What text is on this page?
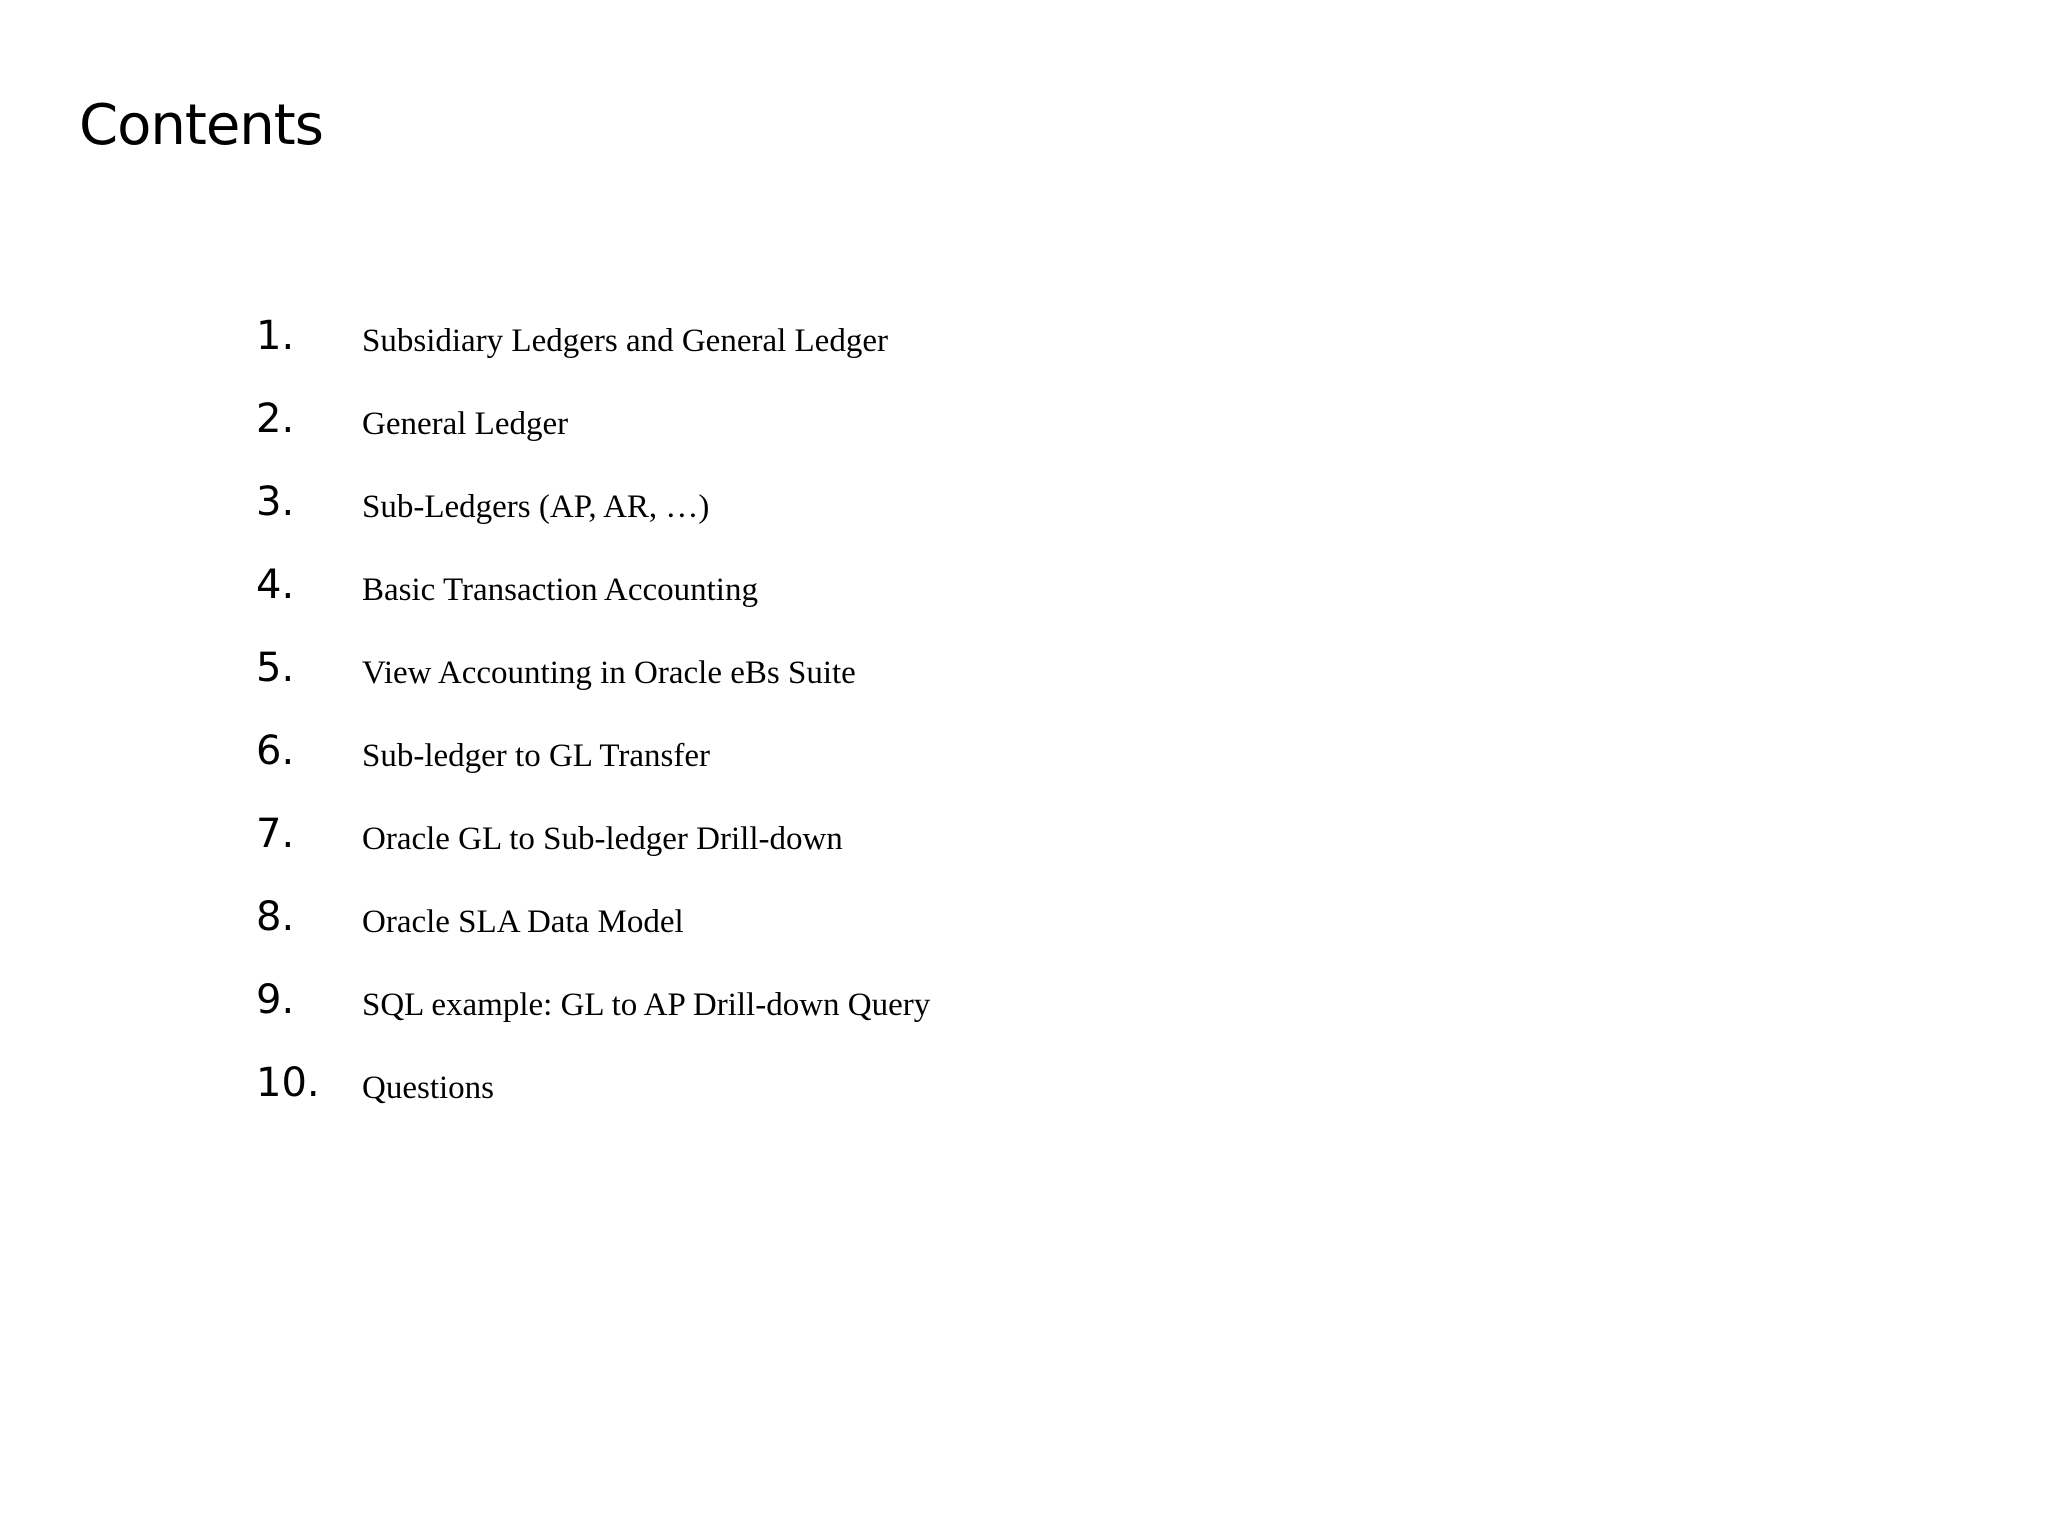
Contents
1. Subsidiary Ledgers and General Ledger
2. General Ledger
3. Sub-Ledgers (AP, AR, …)
4. Basic Transaction Accounting
5. View Accounting in Oracle eBs Suite
6. Sub-ledger to GL Transfer
7. Oracle GL to Sub-ledger Drill-down
8. Oracle SLA Data Model
9. SQL example: GL to AP Drill-down Query
10. Questions
